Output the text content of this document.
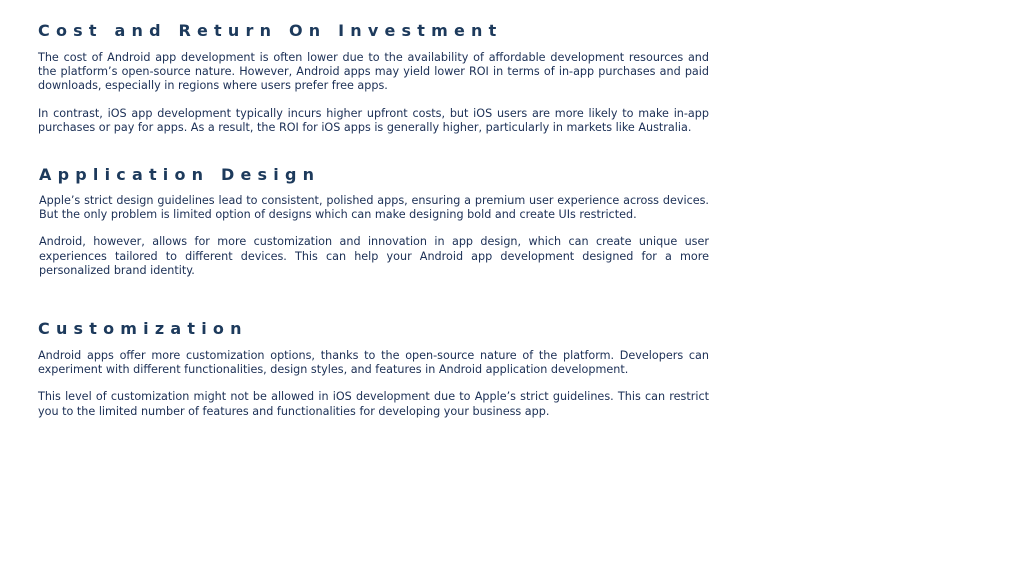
Cost and Return On Investment

The cost of Android app development is often lower due to the availability of affordable development resources and the platform’s open-source nature. However, Android apps may yield lower ROI in terms of in-app purchases and paid downloads, especially in regions where users prefer free apps.

In contrast, iOS app development typically incurs higher upfront costs, but iOS users are more likely to make in-app purchases or pay for apps. As a result, the ROI for iOS apps is generally higher, particularly in markets like Australia.

Application Design

Apple’s strict design guidelines lead to consistent, polished apps, ensuring a premium user experience across devices. But the only problem is limited option of designs which can make designing bold and create UIs restricted.

Android, however, allows for more customization and innovation in app design, which can create unique user experiences tailored to different devices. This can help your Android app development designed for a more personalized brand identity.

Customization

Android apps offer more customization options, thanks to the open-source nature of the platform. Developers can experiment with different functionalities, design styles, and features in Android application development.

This level of customization might not be allowed in iOS development due to Apple’s strict guidelines. This can restrict you to the limited number of features and functionalities for developing your business app.
